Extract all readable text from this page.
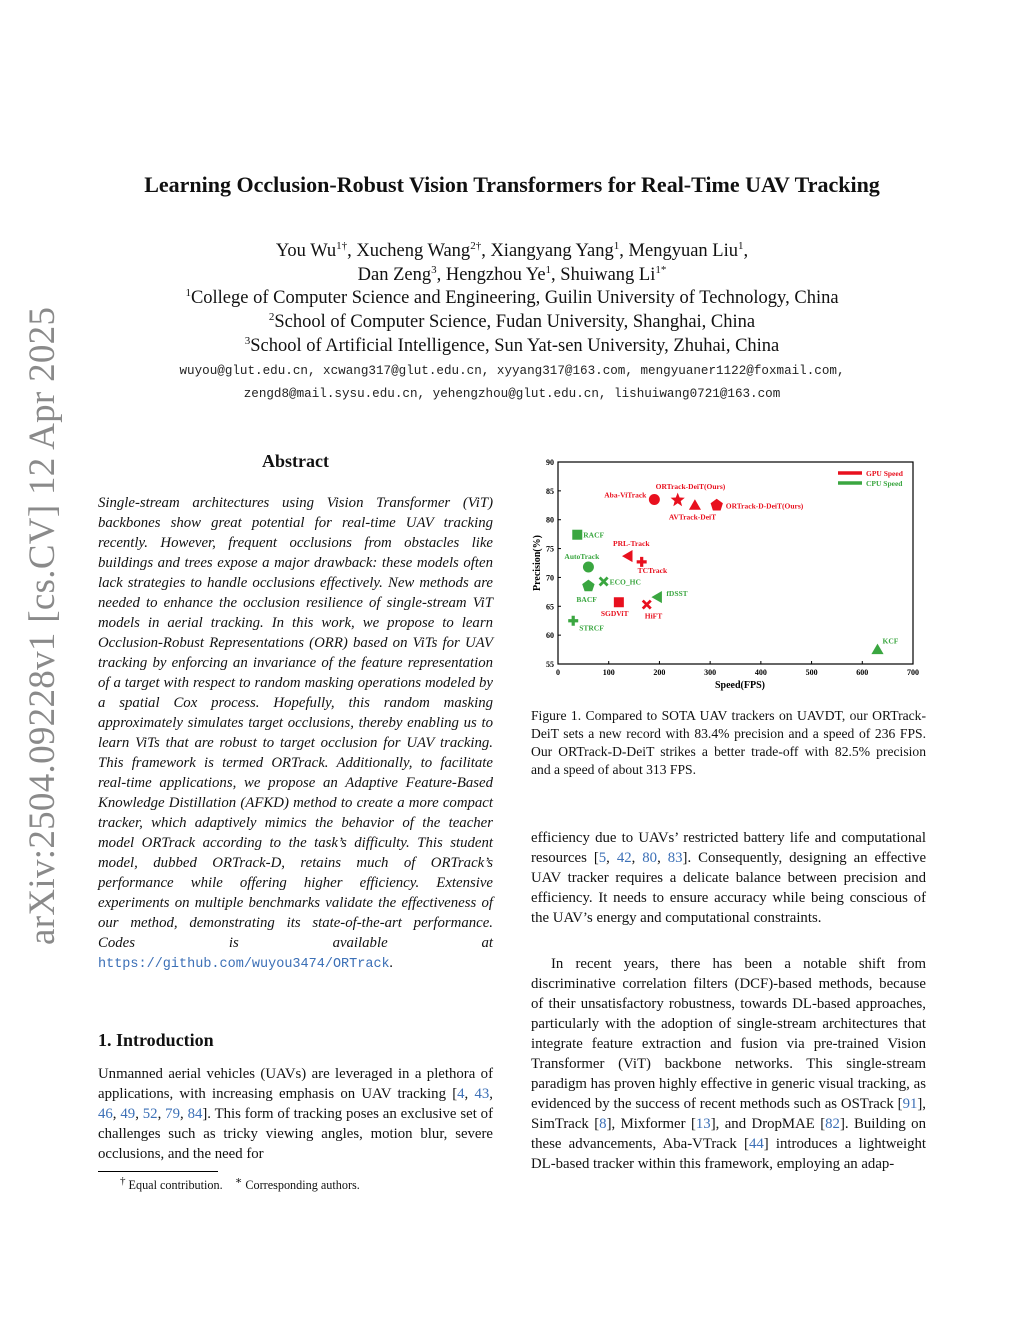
arXiv:2504.09228v1 [cs.CV] 12 Apr 2025
Learning Occlusion-Robust Vision Transformers for Real-Time UAV Tracking
You $Wu^{1\dagger}$, Xucheng Wang$^{2\dagger}$, Xiangyang Yang$^1$, Mengyuan Liu$^1$,
Dan Zeng$^3$, Hengzhou Ye$^1$, Shuiwang $Li^{1*}$
$^1$College of Computer Science and Engineering, Guilin University of Technology, China
$^2$School of Computer Science, Fudan University, Shanghai, China
$^3$School of Artificial Intelligence, Sun Yat-sen University, Zhuhai, China
wuyou@glut.edu.cn, xcwang317@glut.edu.cn, xyyang317@163.com, mengyuaner1122@foxmail.com,
zengd8@mail.sysu.edu.cn, yehengzhou@glut.edu.cn, lishuiwang0721@163.com
Abstract

Single-stream architectures using Vision Transformer (ViT) backbones show great potential for real-time UAV tracking recently. However, frequent occlusions from obstacles like buildings and trees expose a major drawback: these models often lack strategies to handle occlusions effectively. New methods are needed to enhance the occlusion resilience of single-stream ViT models in aerial tracking. In this work, we propose to learn Occlusion-Robust Representations (ORR) based on ViTs for UAV tracking by enforcing an invariance of the feature representation of a target with respect to random masking operations modeled by a spatial Cox process. Hopefully, this random masking approximately simulates target occlusions, thereby enabling us to learn ViTs that are robust to target occlusion for UAV tracking. This framework is termed ORTrack. Additionally, to facilitate real-time applications, we propose an Adaptive Feature-Based Knowledge Distillation (AFKD) method to create a more compact tracker, which adaptively mimics the behavior of the teacher model ORTrack according to the task’s difficulty. This student model, dubbed ORTrack-D, retains much of ORTrack’s performance while offering higher efficiency. Extensive experiments on multiple benchmarks validate the effectiveness of our method, demonstrating its state-of-the-art performance. Codes is available at https://github.com/wuyou3474/ORTrack.

1. Introduction

Unmanned aerial vehicles (UAVs) are leveraged in a plethora of applications, with increasing emphasis on UAV tracking [4, 43, 46, 49, 52, 79, 84]. This form of tracking poses an exclusive set of challenges such as tricky viewing angles, motion blur, severe occlusions, and the need for

† Equal contribution. ∗ Corresponding authors.
0	100	200	300	400	500	600	700
55
60
65
70
75
80
85
90
Aba-ViTrack
ORTrack-DeiT(Ours)
AVTrack-DeiT
ORTrack-D-DeiT(Ours)
PRL-Track
TCTrack
SGDViT HiFT
RACF
AutoTrack
ECO_HC
BACF
fDSST
STRCF
KCF
GPU Speed
CPU Speed
Precision(%)
Speed(FPS)
Figure 1. Compared to SOTA UAV trackers on UAVDT, our ORTrack-DeiT sets a new record with 83.4% precision and a speed of 236 FPS. Our ORTrack-D-DeiT strikes a better trade-off with 82.5% precision and a speed of about 313 FPS.

efficiency due to UAVs’ restricted battery life and computational resources [5, 42, 80, 83]. Consequently, designing an effective UAV tracker requires a delicate balance between precision and efficiency. It needs to ensure accuracy while being conscious of the UAV’s energy and computational constraints.

In recent years, there has been a notable shift from discriminative correlation filters (DCF)-based methods, because of their unsatisfactory robustness, towards DL-based approaches, particularly with the adoption of single-stream architectures that integrate feature extraction and fusion via pre-trained Vision Transformer (ViT) backbone networks. This single-stream paradigm has proven highly effective in generic visual tracking, as evidenced by the success of recent methods such as OSTrack [91], SimTrack [8], Mixformer [13], and DropMAE [82]. Building on these advancements, Aba-VTrack [44] introduces a lightweight DL-based tracker within this framework, employing an adap-
